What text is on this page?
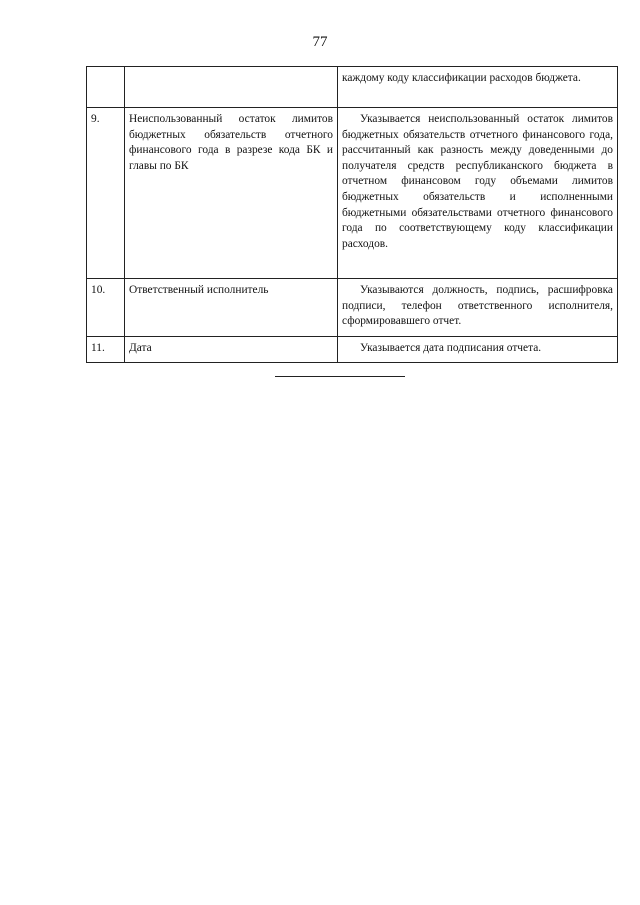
77

		каждому коду классификации расходов бюджета.

9.	Неиспользованный остаток лимитов бюджетных обязательств отчетного финансового года в разрезе кода БК и главы по БК	Указывается неиспользованный остаток лимитов бюджетных обязательств отчетного финансового года, рассчитанный как разность между доведенными до получателя средств республиканского бюджета в отчетном финансовом году объемами лимитов бюджетных обязательств и исполненными бюджетными обязательствами отчетного финансового года по соответствующему коду классификации расходов.

10.	Ответственный исполнитель	Указываются должность, подпись, расшифровка подписи, телефон ответственного исполнителя, сформировавшего отчет.

11.	Дата	Указывается дата подписания отчета.
